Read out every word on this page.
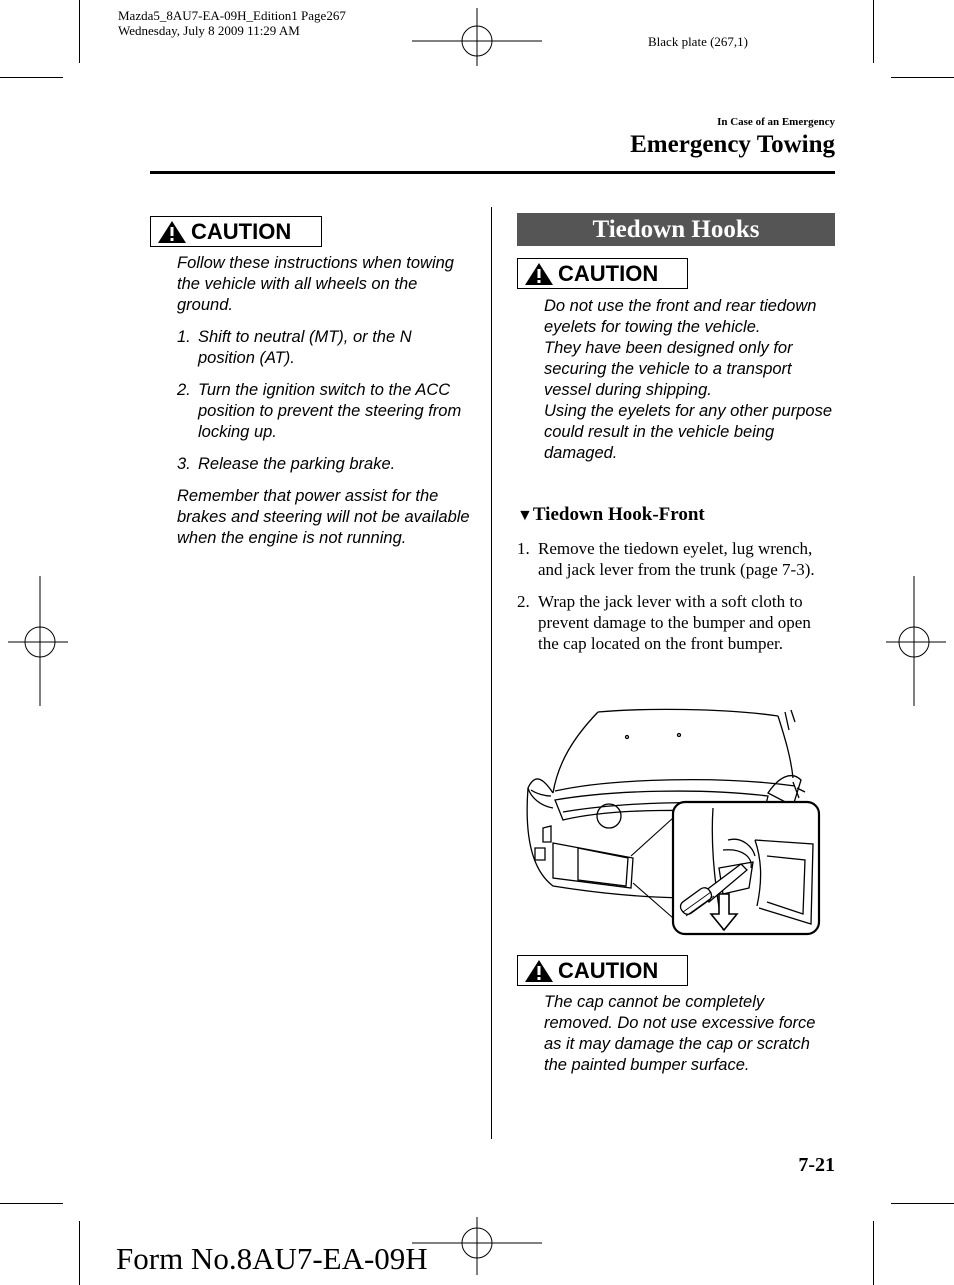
Mazda5_8AU7-EA-09H_Edition1 Page267
Wednesday, July 8 2009 11:29 AM
Black plate (267,1)
In Case of an Emergency
Emergency Towing
CAUTION

Follow these instructions when towing the vehicle with all wheels on the ground.

1. Shift to neutral (MT), or the N position (AT).
2. Turn the ignition switch to the ACC position to prevent the steering from locking up.
3. Release the parking brake.

Remember that power assist for the brakes and steering will not be available when the engine is not running.

Tiedown Hooks
CAUTION
Do not use the front and rear tiedown eyelets for towing the vehicle.
They have been designed only for securing the vehicle to a transport vessel during shipping.
Using the eyelets for any other purpose could result in the vehicle being damaged.
▼Tiedown Hook-Front
1. Remove the tiedown eyelet, lug wrench, and jack lever from the trunk (page 7-3).
2. Wrap the jack lever with a soft cloth to prevent damage to the bumper and open the cap located on the front bumper.
CAUTION
The cap cannot be completely removed. Do not use excessive force as it may damage the cap or scratch the painted bumper surface.
7-21
Form No.8AU7-EA-09H
